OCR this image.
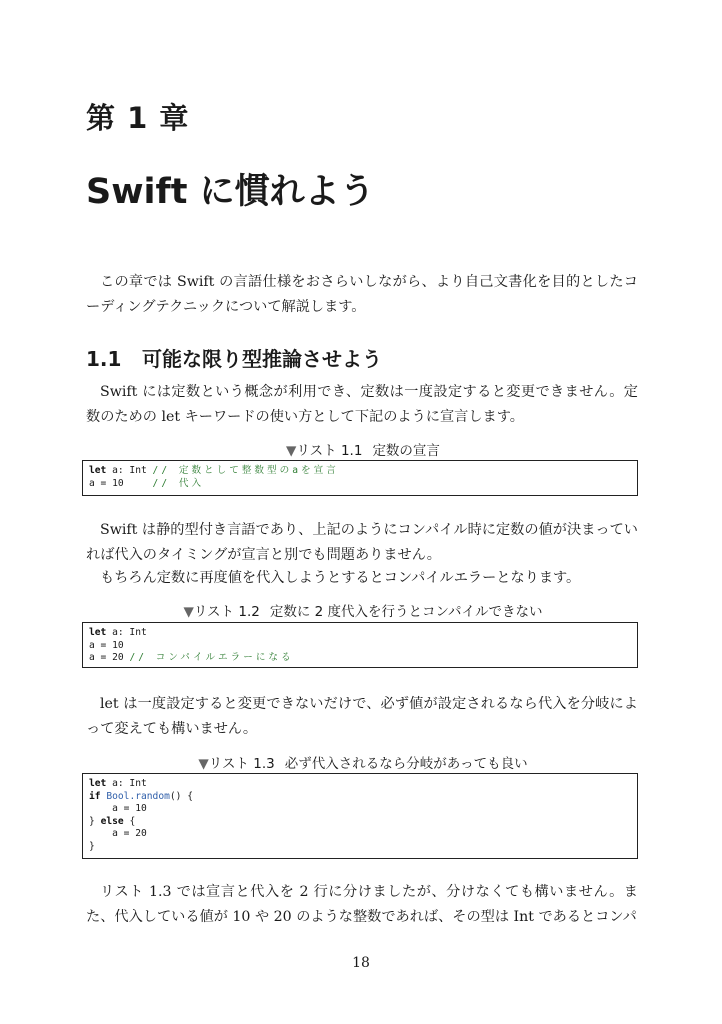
第 1 章
Swift に慣れよう

この章では Swift の言語仕様をおさらいしながら、より自己文書化を目的としたコーディングテクニックについて解説します。

1.1 可能な限り型推論させよう

Swift には定数という概念が利用でき、定数は一度設定すると変更できません。定数のための let キーワードの使い方として下記のように宣言します。

▼リスト 1.1 定数の宣言
let a: Int // 定数として整数型のaを宣言
a = 10     // 代入

Swift は静的型付き言語であり、上記のようにコンパイル時に定数の値が決まっていれば代入のタイミングが宣言と別でも問題ありません。

もちろん定数に再度値を代入しようとするとコンパイルエラーとなります。

▼リスト 1.2 定数に 2 度代入を行うとコンパイルできない
let a: Int
a = 10
a = 20 // コンパイルエラーになる

let は一度設定すると変更できないだけで、必ず値が設定されるなら代入を分岐によって変えても構いません。

▼リスト 1.3 必ず代入されるなら分岐があっても良い
let a: Int
if Bool.random() {
a = 10
} else {
a = 20
}

リスト 1.3 では宣言と代入を 2 行に分けましたが、分けなくても構いません。また、代入している値が 10 や 20 のような整数であれば、その型は Int であるとコンパ

18
